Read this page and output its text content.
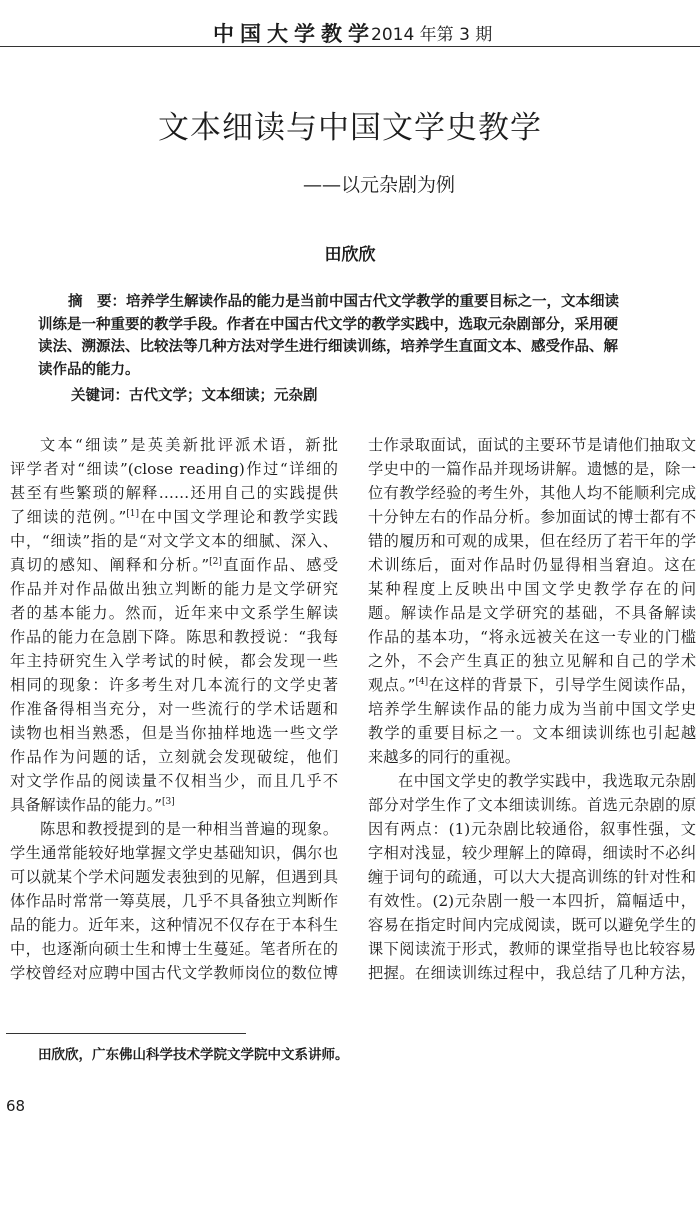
中国大学教学
2014 年第 3 期
文本细读与中国文学史教学
——以元杂剧为例
田欣欣
摘　要：培养学生解读作品的能力是当前中国古代文学教学的重要目标之一，文本细读
训练是一种重要的教学手段。作者在中国古代文学的教学实践中，选取元杂剧部分，采用硬
读法、溯源法、比较法等几种方法对学生进行细读训练，培养学生直面文本、感受作品、解
读作品的能力。
关键词：古代文学；文本细读；元杂剧
文本“细读”是英美新批评派术语，新批
评学者对“细读”(close reading)作过“详细的
甚至有些繁琐的解释……还用自己的实践提供
了细读的范例。”[1]在中国文学理论和教学实践
中，“细读”指的是“对文学文本的细腻、深入、
真切的感知、阐释和分析。”[2]直面作品、感受
作品并对作品做出独立判断的能力是文学研究
者的基本能力。然而，近年来中文系学生解读
作品的能力在急剧下降。陈思和教授说：“我每
年主持研究生入学考试的时候，都会发现一些
相同的现象：许多考生对几本流行的文学史著
作准备得相当充分，对一些流行的学术话题和
读物也相当熟悉，但是当你抽样地选一些文学
作品作为问题的话，立刻就会发现破绽，他们
对文学作品的阅读量不仅相当少，而且几乎不
具备解读作品的能力。”[3]
陈思和教授提到的是一种相当普遍的现象。
学生通常能较好地掌握文学史基础知识，偶尔也
可以就某个学术问题发表独到的见解，但遇到具
体作品时常常一筹莫展，几乎不具备独立判断作
品的能力。近年来，这种情况不仅存在于本科生
中，也逐渐向硕士生和博士生蔓延。笔者所在的
学校曾经对应聘中国古代文学教师岗位的数位博
士作录取面试，面试的主要环节是请他们抽取文
学史中的一篇作品并现场讲解。遗憾的是，除一
位有教学经验的考生外，其他人均不能顺利完成
十分钟左右的作品分析。参加面试的博士都有不
错的履历和可观的成果，但在经历了若干年的学
术训练后，面对作品时仍显得相当窘迫。这在
某种程度上反映出中国文学史教学存在的问
题。解读作品是文学研究的基础，不具备解读
作品的基本功，“将永远被关在这一专业的门槛
之外，不会产生真正的独立见解和自己的学术
观点。”[4]在这样的背景下，引导学生阅读作品，
培养学生解读作品的能力成为当前中国文学史
教学的重要目标之一。文本细读训练也引起越
来越多的同行的重视。
在中国文学史的教学实践中，我选取元杂剧
部分对学生作了文本细读训练。首选元杂剧的原
因有两点：(1)元杂剧比较通俗，叙事性强，文
字相对浅显，较少理解上的障碍，细读时不必纠
缠于词句的疏通，可以大大提高训练的针对性和
有效性。(2)元杂剧一般一本四折，篇幅适中，
容易在指定时间内完成阅读，既可以避免学生的
课下阅读流于形式，教师的课堂指导也比较容易
把握。在细读训练过程中，我总结了几种方法，
田欣欣，广东佛山科学技术学院文学院中文系讲师。
68
